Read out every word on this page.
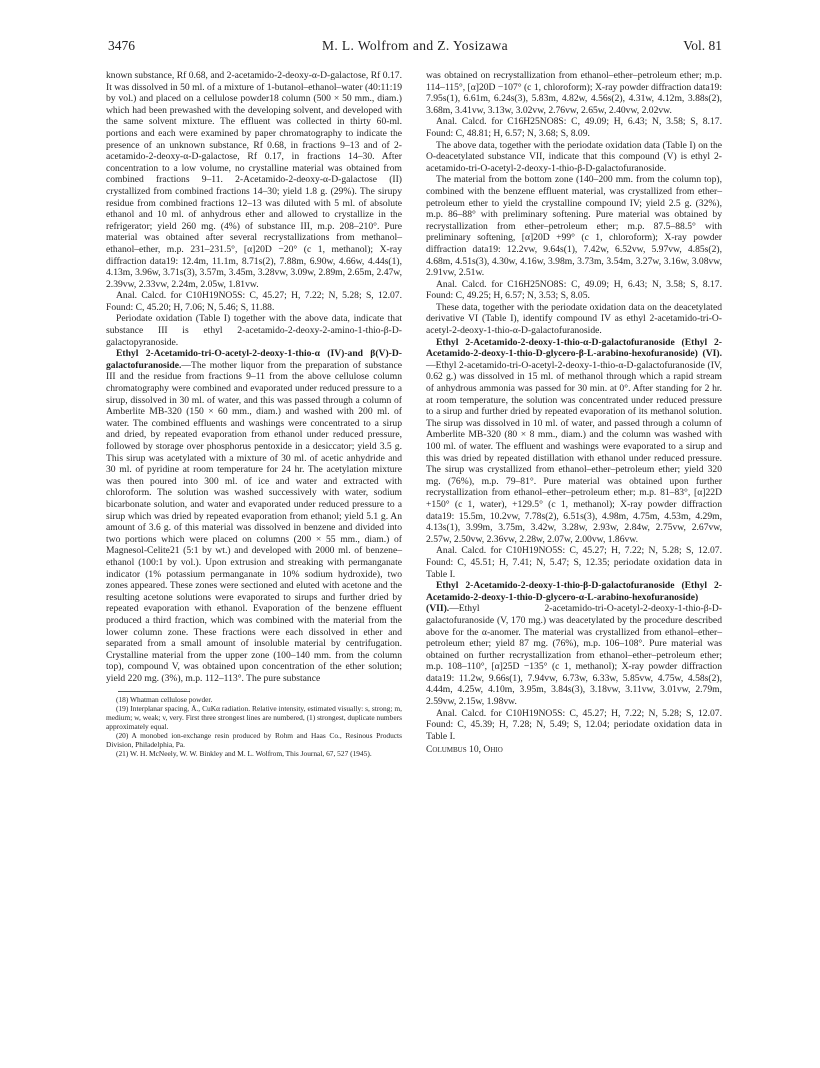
3476	M. L. Wolfrom and Z. Yosizawa	Vol. 81

known substance, Rf 0.68, and 2-acetamido-2-deoxy-α-D-galactose, Rf 0.17. It was dissolved in 50 ml. of a mixture of 1-butanol–ethanol–water (40:11:19 by vol.) and placed on a cellulose powder18 column (500 × 50 mm., diam.) which had been prewashed with the developing solvent, and developed with the same solvent mixture. The effluent was collected in thirty 60-ml. portions and each were examined by paper chromatography to indicate the presence of an unknown substance, Rf 0.68, in fractions 9–13 and of 2-acetamido-2-deoxy-α-D-galactose, Rf 0.17, in fractions 14–30. After concentration to a low volume, no crystalline material was obtained from combined fractions 9–11. 2-Acetamido-2-deoxy-α-D-galactose (II) crystallized from combined fractions 14–30; yield 1.8 g. (29%). The sirupy residue from combined fractions 12–13 was diluted with 5 ml. of absolute ethanol and 10 ml. of anhydrous ether and allowed to crystallize in the refrigerator; yield 260 mg. (4%) of substance III, m.p. 208–210°. Pure material was obtained after several recrystallizations from methanol–ethanol–ether, m.p. 231–231.5°, [α]20D −20° (c 1, methanol); X-ray diffraction data19: 12.4m, 11.1m, 8.71s(2), 7.88m, 6.90w, 4.66w, 4.44s(1), 4.13m, 3.96w, 3.71s(3), 3.57m, 3.45m, 3.28vw, 3.09w, 2.89m, 2.65m, 2.47w, 2.39vw, 2.33vw, 2.24m, 2.05w, 1.81vw.

Anal. Calcd. for C10H19NO5S: C, 45.27; H, 7.22; N, 5.28; S, 12.07. Found: C, 45.20; H, 7.06; N, 5.46; S, 11.88.

Periodate oxidation (Table I) together with the above data, indicate that substance III is ethyl 2-acetamido-2-deoxy-2-amino-1-thio-β-D-galactopyranoside.

Ethyl 2-Acetamido-tri-O-acetyl-2-deoxy-1-thio-α (IV)-and β(V)-D-galactofuranoside.—The mother liquor from the preparation of substance III and the residue from fractions 9–11 from the above cellulose column chromatography were combined and evaporated under reduced pressure to a sirup, dissolved in 30 ml. of water, and this was passed through a column of Amberlite MB-320 (150 × 60 mm., diam.) and washed with 200 ml. of water. The combined effluents and washings were concentrated to a sirup and dried, by repeated evaporation from ethanol under reduced pressure, followed by storage over phosphorus pentoxide in a desiccator; yield 3.5 g. This sirup was acetylated with a mixture of 30 ml. of acetic anhydride and 30 ml. of pyridine at room temperature for 24 hr. The acetylation mixture was then poured into 300 ml. of ice and water and extracted with chloroform. The solution was washed successively with water, sodium bicarbonate solution, and water and evaporated under reduced pressure to a sirup which was dried by repeated evaporation from ethanol; yield 5.1 g. An amount of 3.6 g. of this material was dissolved in benzene and divided into two portions which were placed on columns (200 × 55 mm., diam.) of Magnesol-Celite21 (5:1 by wt.) and developed with 2000 ml. of benzene–ethanol (100:1 by vol.). Upon extrusion and streaking with permanganate indicator (1% potassium permanganate in 10% sodium hydroxide), two zones appeared. These zones were sectioned and eluted with acetone and the resulting acetone solutions were evaporated to sirups and further dried by repeated evaporation with ethanol. Evaporation of the benzene effluent produced a third fraction, which was combined with the material from the lower column zone. These fractions were each dissolved in ether and separated from a small amount of insoluble material by centrifugation. Crystalline material from the upper zone (100–140 mm. from the column top), compound V, was obtained upon concentration of the ether solution; yield 220 mg. (3%), m.p. 112–113°. The pure substance

(18) Whatman cellulose powder.

(19) Interplanar spacing, Å., CuKα radiation. Relative intensity, estimated visually: s, strong; m, medium; w, weak; v, very. First three strongest lines are numbered, (1) strongest, duplicate numbers approximately equal.

(20) A monobed ion-exchange resin produced by Rohm and Haas Co., Resinous Products Division, Philadelphia, Pa.

(21) W. H. McNeely, W. W. Binkley and M. L. Wolfrom, This Journal, 67, 527 (1945).

was obtained on recrystallization from ethanol–ether–petroleum ether; m.p. 114–115°, [α]20D −107° (c 1, chloroform); X-ray powder diffraction data19: 7.95s(1), 6.61m, 6.24s(3), 5.83m, 4.82w, 4.56s(2), 4.31w, 4.12m, 3.88s(2), 3.68m, 3.41vw, 3.13w, 3.02vw, 2.76vw, 2.65w, 2.40vw, 2.02vw.

Anal. Calcd. for C16H25NO8S: C, 49.09; H, 6.43; N, 3.58; S, 8.17. Found: C, 48.81; H, 6.57; N, 3.68; S, 8.09.

The above data, together with the periodate oxidation data (Table I) on the O-deacetylated substance VII, indicate that this compound (V) is ethyl 2-acetamido-tri-O-acetyl-2-deoxy-1-thio-β-D-galactofuranoside.

The material from the bottom zone (140–200 mm. from the column top), combined with the benzene effluent material, was crystallized from ether–petroleum ether to yield the crystalline compound IV; yield 2.5 g. (32%), m.p. 86–88° with preliminary softening. Pure material was obtained by recrystallization from ether–petroleum ether; m.p. 87.5–88.5° with preliminary softening, [α]20D +99° (c 1, chloroform); X-ray powder diffraction data19: 12.2vw, 9.64s(1), 7.42w, 6.52vw, 5.97vw, 4.85s(2), 4.68m, 4.51s(3), 4.30w, 4.16w, 3.98m, 3.73m, 3.54m, 3.27w, 3.16w, 3.08vw, 2.91vw, 2.51w.

Anal. Calcd. for C16H25NO8S: C, 49.09; H, 6.43; N, 3.58; S, 8.17. Found: C, 49.25; H, 6.57; N, 3.53; S, 8.05.

These data, together with the periodate oxidation data on the deacetylated derivative VI (Table I), identify compound IV as ethyl 2-acetamido-tri-O-acetyl-2-deoxy-1-thio-α-D-galactofuranoside.

Ethyl 2-Acetamido-2-deoxy-1-thio-α-D-galactofuranoside (Ethyl 2-Acetamido-2-deoxy-1-thio-D-glycero-β-L-arabino-hexofuranoside) (VI).—Ethyl 2-acetamido-tri-O-acetyl-2-deoxy-1-thio-α-D-galactofuranoside (IV, 0.62 g.) was dissolved in 15 ml. of methanol through which a rapid stream of anhydrous ammonia was passed for 30 min. at 0°. After standing for 2 hr. at room temperature, the solution was concentrated under reduced pressure to a sirup and further dried by repeated evaporation of its methanol solution. The sirup was dissolved in 10 ml. of water, and passed through a column of Amberlite MB-320 (80 × 8 mm., diam.) and the column was washed with 100 ml. of water. The effluent and washings were evaporated to a sirup and this was dried by repeated distillation with ethanol under reduced pressure. The sirup was crystallized from ethanol–ether–petroleum ether; yield 320 mg. (76%), m.p. 79–81°. Pure material was obtained upon further recrystallization from ethanol–ether–petroleum ether; m.p. 81–83°, [α]22D +150° (c 1, water), +129.5° (c 1, methanol); X-ray powder diffraction data19: 15.5m, 10.2vw, 7.78s(2), 6.51s(3), 4.98m, 4.75m, 4.53m, 4.29m, 4.13s(1), 3.99m, 3.75m, 3.42w, 3.28w, 2.93w, 2.84w, 2.75vw, 2.67vw, 2.57w, 2.50vw, 2.36vw, 2.28w, 2.07w, 2.00vw, 1.86vw.

Anal. Calcd. for C10H19NO5S: C, 45.27; H, 7.22; N, 5.28; S, 12.07. Found: C, 45.51; H, 7.41; N, 5.47; S, 12.35; periodate oxidation data in Table I.

Ethyl 2-Acetamido-2-deoxy-1-thio-β-D-galactofuranoside (Ethyl 2-Acetamido-2-deoxy-1-thio-D-glycero-α-L-arabino-hexofuranoside) (VII).—Ethyl 2-acetamido-tri-O-acetyl-2-deoxy-1-thio-β-D-galactofuranoside (V, 170 mg.) was deacetylated by the procedure described above for the α-anomer. The material was crystallized from ethanol–ether–petroleum ether; yield 87 mg. (76%), m.p. 106–108°. Pure material was obtained on further recrystallization from ethanol–ether–petroleum ether; m.p. 108–110°, [α]25D −135° (c 1, methanol); X-ray powder diffraction data19: 11.2w, 9.66s(1), 7.94vw, 6.73w, 6.33w, 5.85vw, 4.75w, 4.58s(2), 4.44m, 4.25w, 4.10m, 3.95m, 3.84s(3), 3.18vw, 3.11vw, 3.01vw, 2.79m, 2.59vw, 2.15w, 1.98vw.

Anal. Calcd. for C10H19NO5S: C, 45.27; H, 7.22; N, 5.28; S, 12.07. Found: C, 45.39; H, 7.28; N, 5.49; S, 12.04; periodate oxidation data in Table I.

Columbus 10, Ohio
